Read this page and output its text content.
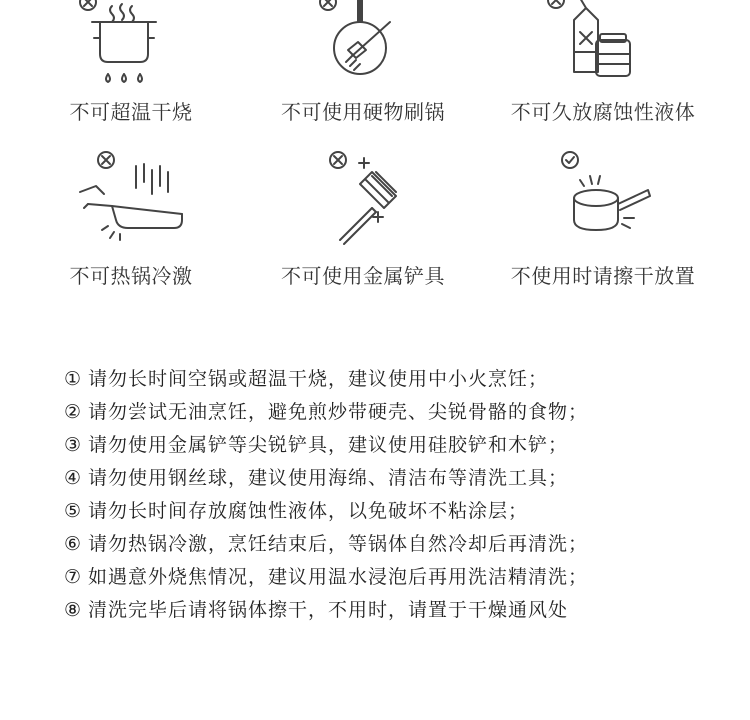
不可超温干烧	不可使用硬物刷锅	不可久放腐蚀性液体
不可热锅冷激	不可使用金属铲具	不使用时请擦干放置
① 请勿长时间空锅或超温干烧，建议使用中小火烹饪；
② 请勿尝试无油烹饪，避免煎炒带硬壳、尖锐骨骼的食物；
③ 请勿使用金属铲等尖锐铲具，建议使用硅胶铲和木铲；
④ 请勿使用钢丝球，建议使用海绵、清洁布等清洗工具；
⑤ 请勿长时间存放腐蚀性液体，以免破坏不粘涂层；
⑥ 请勿热锅冷激，烹饪结束后，等锅体自然冷却后再清洗；
⑦ 如遇意外烧焦情况，建议用温水浸泡后再用洗洁精清洗；
⑧ 清洗完毕后请将锅体擦干，不用时，请置于干燥通风处
